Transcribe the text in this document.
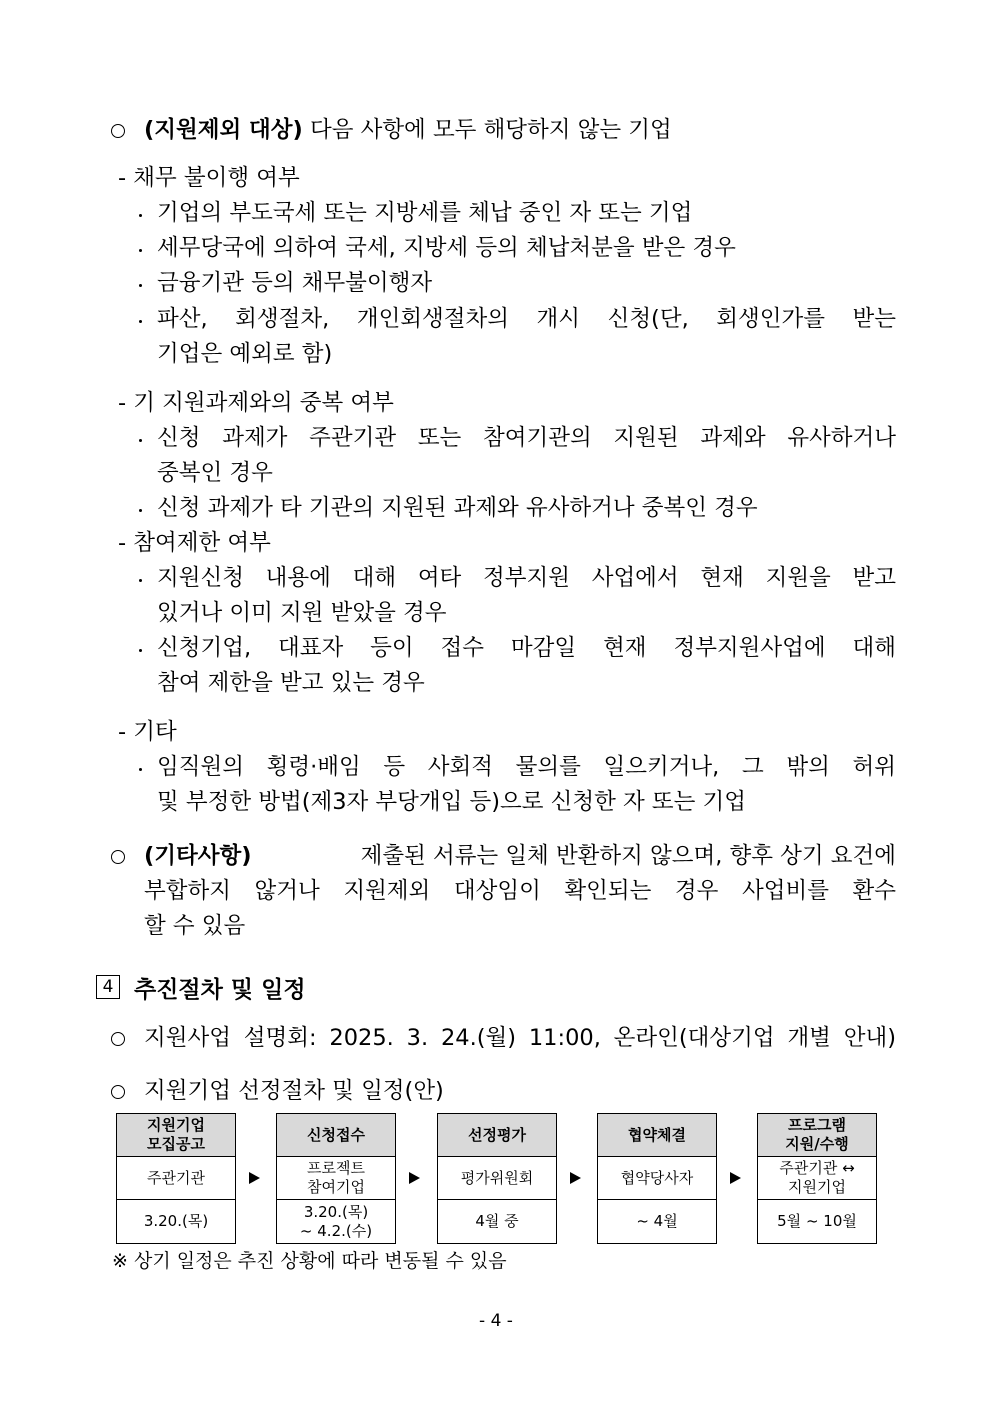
(지원제외 대상) 다음 사항에 모두 해당하지 않는 기업
- 채무 불이행 여부
기업의 부도국세 또는 지방세를 체납 중인 자 또는 기업
세무당국에 의하여 국세, 지방세 등의 체납처분을 받은 경우
금융기관 등의 채무불이행자
파산, 회생절차, 개인회생절차의 개시 신청(단, 회생인가를 받는
기업은 예외로 함)
- 기 지원과제와의 중복 여부
신청 과제가 주관기관 또는 참여기관의 지원된 과제와 유사하거나
중복인 경우
신청 과제가 타 기관의 지원된 과제와 유사하거나 중복인 경우
- 참여제한 여부
지원신청 내용에 대해 여타 정부지원 사업에서 현재 지원을 받고
있거나 이미 지원 받았을 경우
신청기업, 대표자 등이 접수 마감일 현재 정부지원사업에 대해
참여 제한을 받고 있는 경우
- 기타
임직원의 횡령·배임 등 사회적 물의를 일으키거나, 그 밖의 허위
및 부정한 방법(제3자 부당개입 등)으로 신청한 자 또는 기업
(기타사항)	제출된 서류는 일체 반환하지 않으며, 향후 상기 요건에
부합하지 않거나 지원제외 대상임이 확인되는 경우 사업비를 환수
할 수 있음
4 추진절차 및 일정
지원사업 설명회: 2025. 3. 24.(월) 11:00, 온라인(대상기업 개별 안내)
지원기업 선정절차 및 일정(안)
지원기업
모집공고
주관기관
3.20.(목)
신청접수
프로젝트
참여기업
3.20.(목)
~ 4.2.(수)
선정평가
평가위원회
4월 중
협약체결
협약당사자
~ 4월
프로그램
지원/수행
주관기관 ↔
지원기업
5월 ~ 10월
※ 상기 일정은 추진 상황에 따라 변동될 수 있음
- 4 -
